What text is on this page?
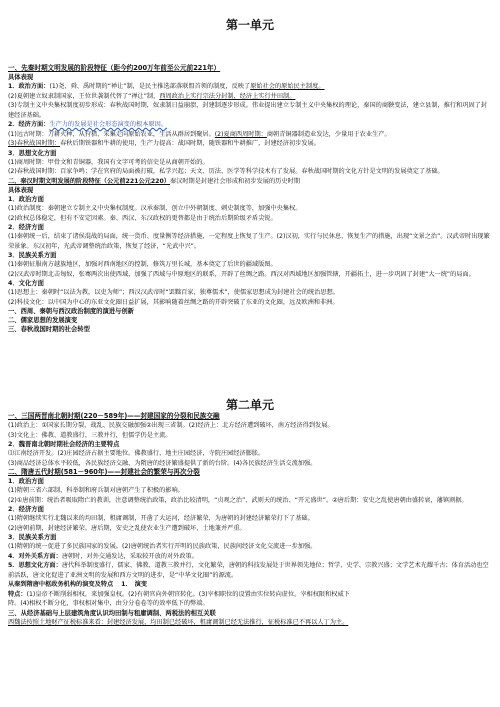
第一单元

一、先秦时期文明发展的阶段特征（距今约200万年前至公元前221年）

具体表现

1．政治方面：(1)尧、舜、禹时期的“禅让”制，是民主推选部落联盟首领的制度，反映了原始社会的原始民主制度。

(2)夏朝建立奴隶制国家，王位世袭制代替了“禅让”制，西周政治上实行宗法分封制，经济上实行井田制。

(3)专制主义中央集权制度初步形成：春秋战国时期，奴隶制日益崩溃，封建制逐步形成。伟业提出建立专制主义中央集权的理论，秦国的商鞅变法，建立县制，推行和巩固了封建经济基础。

2．经济方面：生产力的发展是社会形态演变的根本原因。

(1)远古时期：刀耕火种，从狩猎、采集走向原始农业，生活从群居到聚居。(2)夏商西周时期：商朝青铜器制造业发达，少量用于农业生产。

(3)春秋战国时期：春秋后期铁器和牛耕的使用，生产力提高：战国时期，随铁器和牛耕推广，封建经济初步发展。

3．思想文化方面

(1)商周时期：甲骨文和青铜器，我国有文字可考的信史是从商朝开始的。

(2)春秋战国时期：百家争鸣；学在官府的局面被打破，私学兴起；天文、历法、医学等科学技术有了发展。春秋战国时期的文化方针是文明的发展奠定了基础。

二、秦汉时期文明发展的阶段特征（公元前221公元220）秦汉时期是封建社会形成和初步发展的历史时期

具体表现

1．政治方面

(1)政治制度：秦朝建立专制主义中央集权制度。汉承秦制，创立中外朝制度、刺史制度等，加强中央集权。

(2)政权总体稳定，但有不安定因素。秦、西汉、东汉政权的更替都是由于统治后期阶级矛盾尖锐。

2．经济方面

(1)秦朝统一后，结束了诸侯混战的局面，统一货币、度量衡等经济措施，一定程度上恢复了生产。(2)汉初，实行与民休息，恢复生产的措施，出现“文景之治”。汉武帝时出现繁荣景象。东汉初年，光武帝调整统治政策，恢复了经济，“光武中兴”。

3．民族关系方面

(1)秦朝征服南方越族地区，加强对西南地区的控制，修筑万里长城，基本奠定了后世的疆域版图。

(2)汉武帝时期北击匈奴，张骞两次出使西域，加强了西域与中原地区的联系，开辟了丝绸之路。西汉对西域地区加强管辖，开疆拓土，进一步巩固了封建“大一统”的局面。

4．文化方面

(1)思想上：秦朝时“以法为教，以吏为师”；西汉汉武帝时“罢黜百家，独尊儒术”，使儒家思想成为封建社会的统治思想。

(2)科技文化：以中国为中心的东亚文化圈日益扩展，其影响随着丝绸之路的开辟突破了东亚的文化圈，远及欧洲和非洲。

一、西周、秦朝与西汉政治制度的演进与创新

二、儒家思想的发展演变

三、春秋战国时期的社会转型

第二单元

一、三国两晋南北朝时期(220－589年)——封建国家的分裂和民族交融

(1)政治上：①国家长期分裂，战乱、民族交融加强②出现三省制。(2)经济上：北方经济遭到破坏，南方经济得到发展。

(3)文化上：佛教、道教盛行，三教并行，但儒学仍是主流。

2．魏晋南北朝时期社会经济的主要特点

⑴江南经济开发。(2)庄园经济占据主要地位。佛教盛行，地主庄园经济，寺院庄园经济膨胀。

(3)商品经济总体水平较低，各民族经济交融，为隋唐的经济繁盛提供了新的台阶。(4)各民族经济生活交流加强。

二、隋唐五代时期(581－960年)——封建社会的繁荣与再次分裂

1．政治方面

(1)隋朝三省六部制，科举制和府兵制对唐朝产生了积极的影响。

(2)①唐前期：统治者吸取隋亡的教训，注意调整统治政策，政治比较清明，“贞观之治”、武则天的统治、“开元盛世”。②唐后期：安史之乱使唐朝由盛转衰，藩镇割据。

2．经济方面

(1)隋朝继续实行北魏以来的均田制，租庸调制，开凿了大运河，经济繁荣，为唐朝的封建经济繁荣打下了基础。

(2)唐朝前期，封建经济繁荣。唐后期，安史之乱使农业生产遭到破坏，土地兼并严重。

3．民族关系方面

(1)隋朝的统一促进了多民族国家的发展。(2)唐朝统治者实行开明的民族政策，民族间经济文化交流进一步加强。

4．对外关系方面：唐朝时，对外交通发达，采取较开放的对外政策。

5．思想文化方面：唐代科举制度盛行，儒家、佛教、道教三教并行，文化繁荣，唐朝的科技发展处于世界领先地位；哲学、史学、宗教兴盛；文学艺术光耀千古；体育活动也空前活跃，唐文化促进了亚洲文明的发展和西方文明的进步，是“中华文化圈”的源流。

从秦到隋唐中枢政务机构的演变及特点 1．　演变

特点：(1)皇帝不断削弱相权，来加强皇权。(2)有朝官向外朝官转化。(3)宰相职位的设置由实位转向虚位。宰相权限和权威下

降。(4)相权不断分化，事权相对集中，由分分卷卷等的效率低下的弊端。

三、从经济基础与上层建筑角度认识均田制与租庸调制、两税法的相互关联

西魏法按照土地财产征税标准来看：封建经济发展，均田制已经破坏，租庸调制已经无法推行，征税标准已不再以人丁为主。
